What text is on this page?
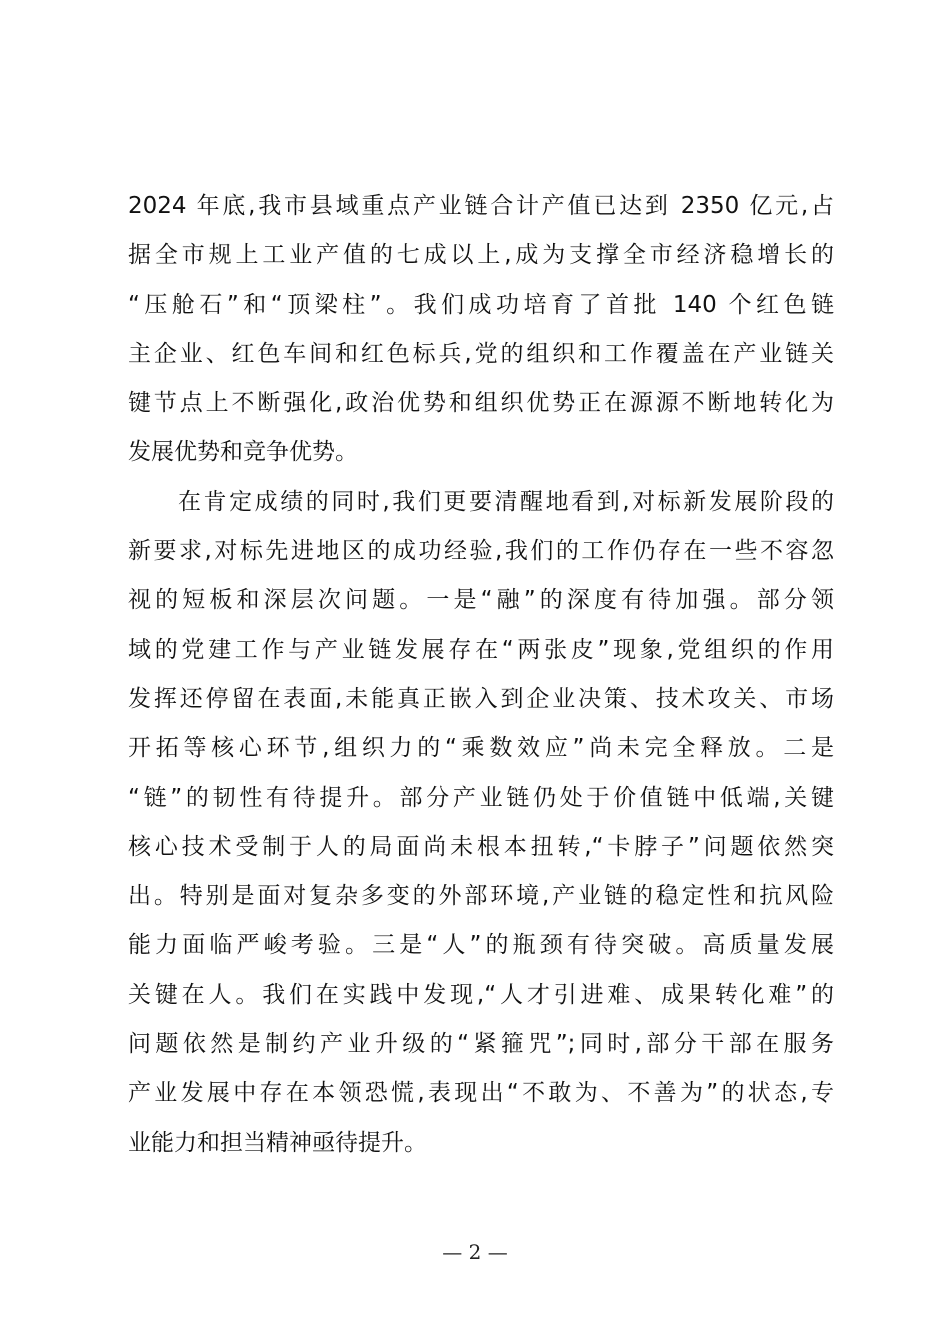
2024 年底,我市县域重点产业链合计产值已达到 2350 亿元,占
据全市规上工业产值的七成以上,成为支撑全市经济稳增长的
“压舱石”和“顶梁柱”。我们成功培育了首批 140 个红色链
主企业、红色车间和红色标兵,党的组织和工作覆盖在产业链关
键节点上不断强化,政治优势和组织优势正在源源不断地转化为
发展优势和竞争优势。
在肯定成绩的同时,我们更要清醒地看到,对标新发展阶段的
新要求,对标先进地区的成功经验,我们的工作仍存在一些不容忽
视的短板和深层次问题。一是“融”的深度有待加强。部分领
域的党建工作与产业链发展存在“两张皮”现象,党组织的作用
发挥还停留在表面,未能真正嵌入到企业决策、技术攻关、市场
开拓等核心环节,组织力的“乘数效应”尚未完全释放。二是
“链”的韧性有待提升。部分产业链仍处于价值链中低端,关键
核心技术受制于人的局面尚未根本扭转,“卡脖子”问题依然突
出。特别是面对复杂多变的外部环境,产业链的稳定性和抗风险
能力面临严峻考验。三是“人”的瓶颈有待突破。高质量发展
关键在人。我们在实践中发现,“人才引进难、成果转化难”的
问题依然是制约产业升级的“紧箍咒”;同时,部分干部在服务
产业发展中存在本领恐慌,表现出“不敢为、不善为”的状态,专
业能力和担当精神亟待提升。
— 2 —
